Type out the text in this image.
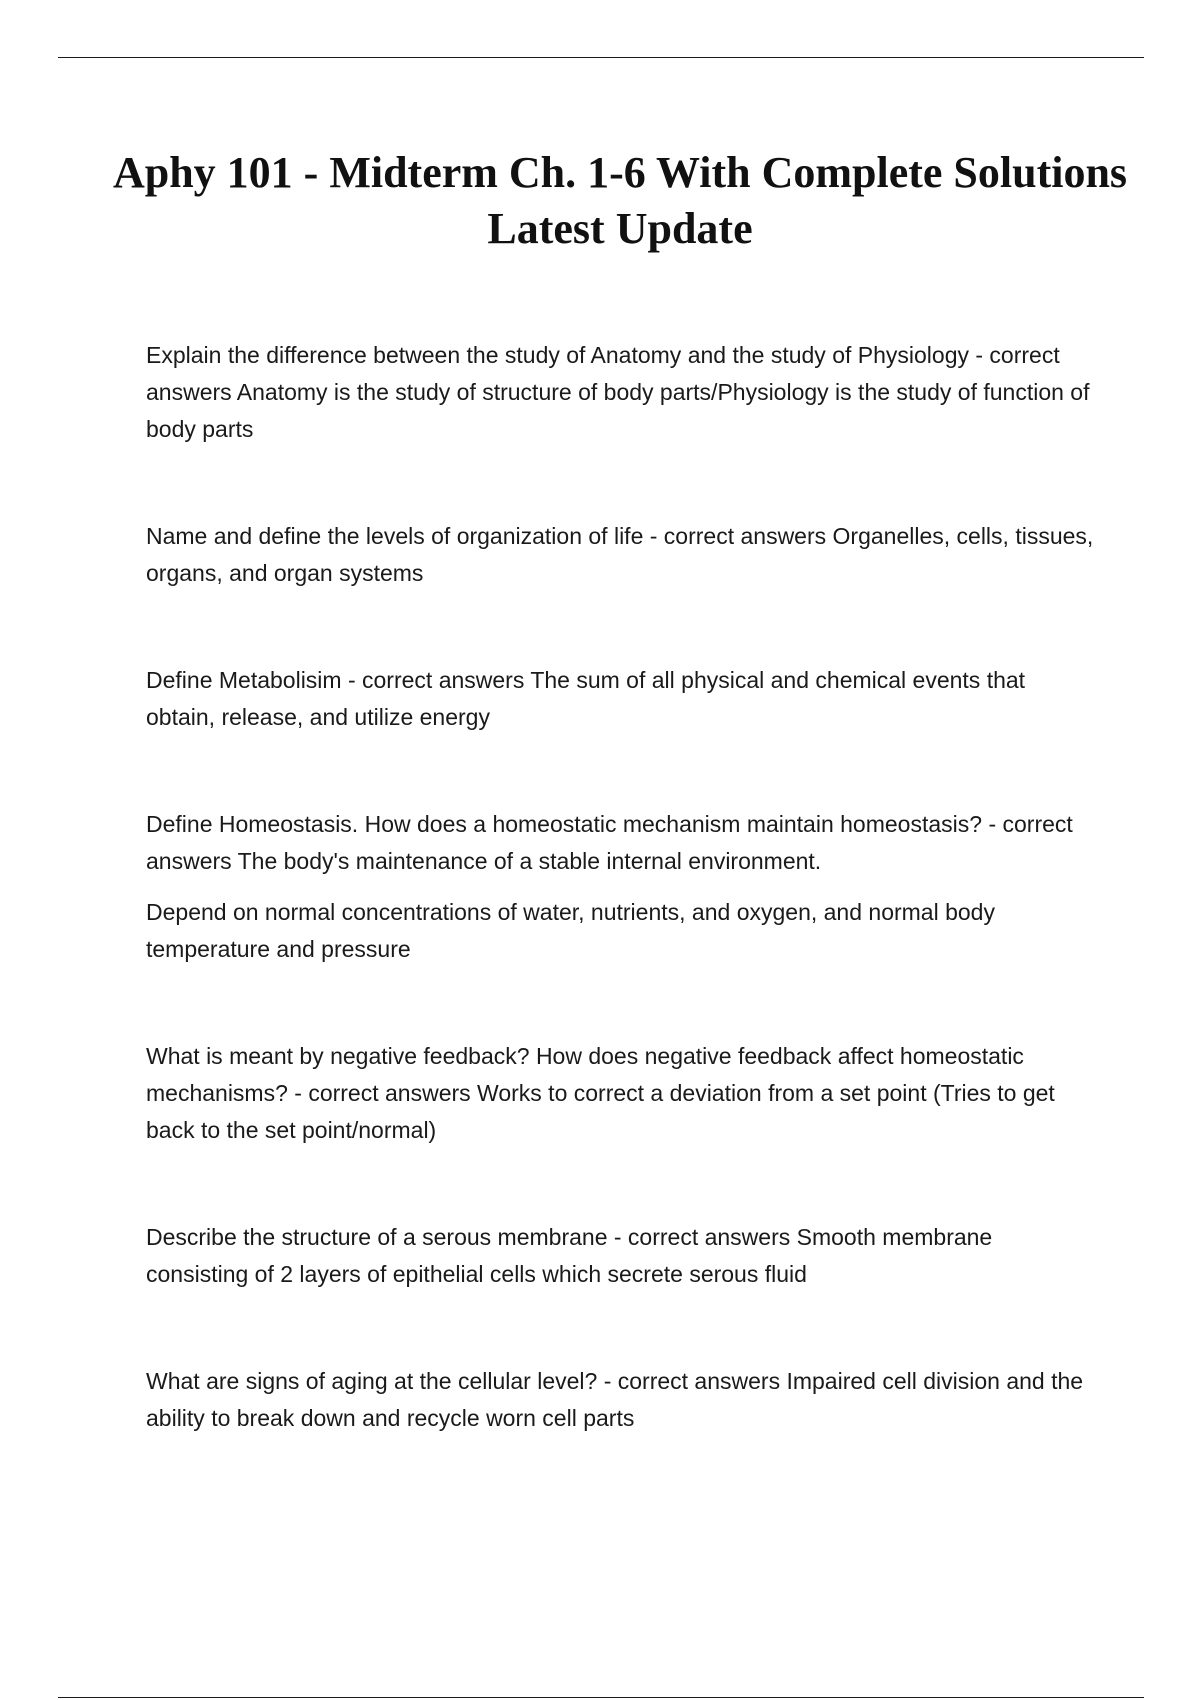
Aphy 101 - Midterm Ch. 1-6 With Complete Solutions Latest Update

Explain the difference between the study of Anatomy and the study of Physiology - correct answers Anatomy is the study of structure of body parts/Physiology is the study of function of body parts

Name and define the levels of organization of life - correct answers Organelles, cells, tissues, organs, and organ systems

Define Metabolisim - correct answers The sum of all physical and chemical events that obtain, release, and utilize energy

Define Homeostasis. How does a homeostatic mechanism maintain homeostasis? - correct answers The body's maintenance of a stable internal environment.

Depend on normal concentrations of water, nutrients, and oxygen, and normal body temperature and pressure

What is meant by negative feedback? How does negative feedback affect homeostatic mechanisms? - correct answers Works to correct a deviation from a set point (Tries to get back to the set point/normal)

Describe the structure of a serous membrane - correct answers Smooth membrane consisting of 2 layers of epithelial cells which secrete serous fluid

What are signs of aging at the cellular level? - correct answers Impaired cell division and the ability to break down and recycle worn cell parts
